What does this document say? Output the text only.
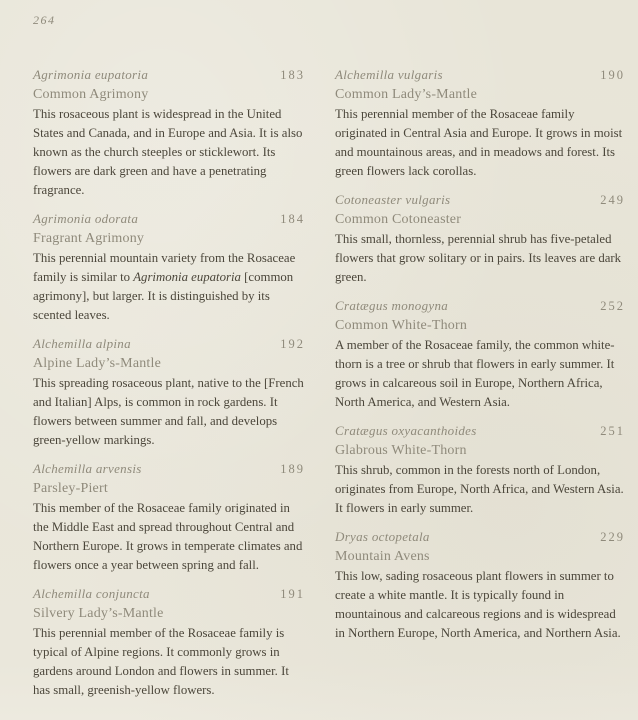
264
Agrimonia eupatoria	183
Common Agrimony

This rosaceous plant is widespread in the United States and Canada, and in Europe and Asia. It is also known as the church steeples or sticklewort. Its flowers are dark green and have a penetrating fragrance.

Agrimonia odorata	184
Fragrant Agrimony

This perennial mountain variety from the Rosaceae family is similar to Agrimonia eupatoria [common agrimony], but larger. It is distinguished by its scented leaves.

Alchemilla alpina	192
Alpine Lady’s-Mantle

This spreading rosaceous plant, native to the [French and Italian] Alps, is common in rock gardens. It flowers between summer and fall, and develops green-yellow markings.

Alchemilla arvensis	189
Parsley-Piert

This member of the Rosaceae family originated in the Middle East and spread throughout Central and Northern Europe. It grows in temperate climates and flowers once a year between spring and fall.

Alchemilla conjuncta	191
Silvery Lady’s-Mantle

This perennial member of the Rosaceae family is typical of Alpine regions. It commonly grows in gardens around London and flowers in summer. It has small, greenish-yellow flowers.

Alchemilla vulgaris	190
Common Lady’s-Mantle

This perennial member of the Rosaceae family originated in Central Asia and Europe. It grows in moist and mountainous areas, and in meadows and forest. Its green flowers lack corollas.

Cotoneaster vulgaris	249
Common Cotoneaster

This small, thornless, perennial shrub has five-petaled flowers that grow solitary or in pairs. Its leaves are dark green.

Cratægus monogyna	252
Common White-Thorn

A member of the Rosaceae family, the common white-thorn is a tree or shrub that flowers in early summer. It grows in calcareous soil in Europe, Northern Africa, North America, and Western Asia.

Cratægus oxyacanthoides	251
Glabrous White-Thorn

This shrub, common in the forests north of London, originates from Europe, North Africa, and Western Asia. It flowers in early summer.

Dryas octopetala	229
Mountain Avens

This low, sading rosaceous plant flowers in summer to create a white mantle. It is typically found in mountainous and calcareous regions and is widespread in Northern Europe, North America, and Northern Asia.
